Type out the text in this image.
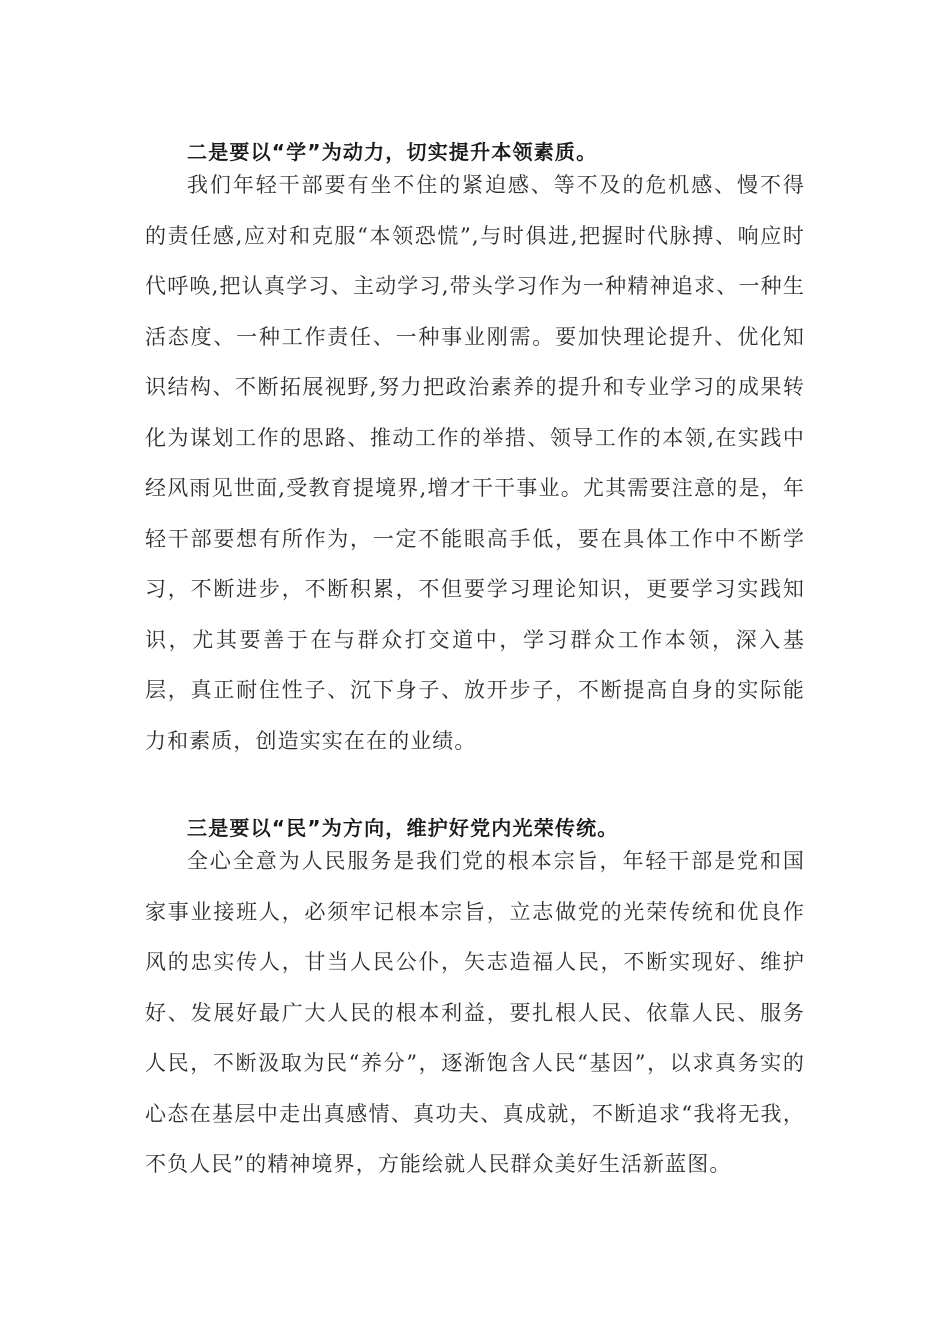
二是要以“学”为动力，切实提升本领素质。

我们年轻干部要有坐不住的紧迫感、等不及的危机感、慢不得的责任感,应对和克服“本领恐慌”,与时俱进,把握时代脉搏、响应时代呼唤,把认真学习、主动学习,带头学习作为一种精神追求、一种生活态度、一种工作责任、一种事业刚需。要加快理论提升、优化知识结构、不断拓展视野,努力把政治素养的提升和专业学习的成果转化为谋划工作的思路、推动工作的举措、领导工作的本领,在实践中经风雨见世面,受教育提境界,增才干干事业。尤其需要注意的是，年轻干部要想有所作为，一定不能眼高手低，要在具体工作中不断学习，不断进步，不断积累，不但要学习理论知识，更要学习实践知识，尤其要善于在与群众打交道中，学习群众工作本领，深入基层，真正耐住性子、沉下身子、放开步子，不断提高自身的实际能力和素质，创造实实在在的业绩。

三是要以“民”为方向，维护好党内光荣传统。

全心全意为人民服务是我们党的根本宗旨，年轻干部是党和国家事业接班人，必须牢记根本宗旨，立志做党的光荣传统和优良作风的忠实传人，甘当人民公仆，矢志造福人民，不断实现好、维护好、发展好最广大人民的根本利益，要扎根人民、依靠人民、服务人民，不断汲取为民“养分”，逐渐饱含人民“基因”，以求真务实的心态在基层中走出真感情、真功夫、真成就，不断追求“我将无我，不负人民”的精神境界，方能绘就人民群众美好生活新蓝图。
